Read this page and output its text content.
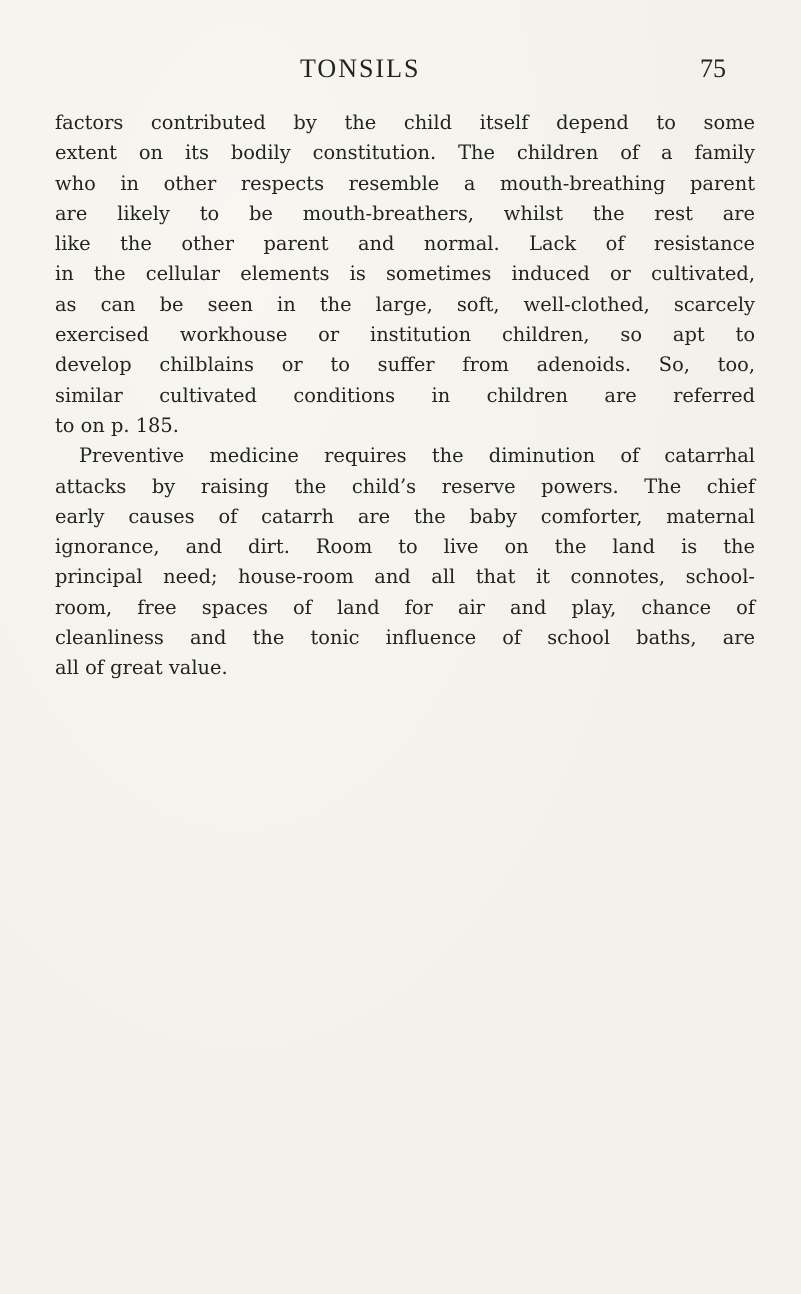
TONSILS	75
factors contributed by the child itself depend to some
extent on its bodily constitution. The children of a family
who in other respects resemble a mouth-breathing parent
are likely to be mouth-breathers, whilst the rest are
like the other parent and normal. Lack of resistance
in the cellular elements is sometimes induced or cultivated,
as can be seen in the large, soft, well-clothed, scarcely
exercised workhouse or institution children, so apt to
develop chilblains or to suffer from adenoids. So, too,
similar cultivated conditions in children are referred
to on p. 185.
Preventive medicine requires the diminution of catarrhal
attacks by raising the child’s reserve powers. The chief
early causes of catarrh are the baby comforter, maternal
ignorance, and dirt. Room to live on the land is the
principal need; house-room and all that it connotes, school-
room, free spaces of land for air and play, chance of
cleanliness and the tonic influence of school baths, are
all of great value.
